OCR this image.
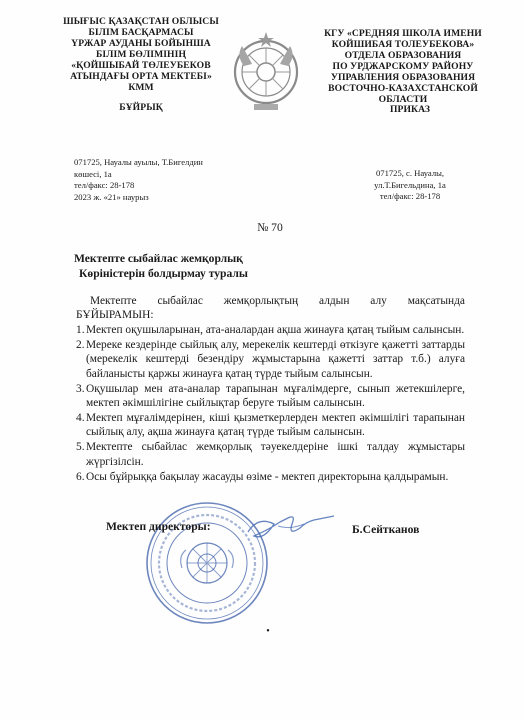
ШЫҒЫС ҚАЗАҚСТАН ОБЛЫСЫ
БІЛІМ БАСҚАРМАСЫ
ҮРЖАР АУДАНЫ БОЙЫНША
БІЛІМ БӨЛІМІНІҢ
«ҚОЙШЫБАЙ ТӨЛЕУБЕКОВ
АТЫНДАҒЫ ОРТА МЕКТЕБІ»
КММ
БҰЙРЫҚ
КГУ «СРЕДНЯЯ ШКОЛА ИМЕНИ
КОЙШИБАЯ ТОЛЕУБЕКОВА»
ОТДЕЛА ОБРАЗОВАНИЯ
ПО УРДЖАРСКОМУ РАЙОНУ
УПРАВЛЕНИЯ ОБРАЗОВАНИЯ
ВОСТОЧНО-КАЗАХСТАНСКОЙ
ОБЛАСТИ
ПРИКАЗ
071725, Науалы ауылы, Т.Бигелдин
көшесі, 1а
тел/факс: 28-178
2023 ж. «21» наурыз
071725, с. Науалы,
ул.Т.Бигельдина, 1а
тел/факс: 28-178
№ 70
Мектепте сыбайлас жемқорлық
Көріністерін болдырмау туралы
Мектепте сыбайлас жемқорлықтың алдын алу мақсатында
БҰЙЫРАМЫН:
1. Мектеп оқушыларынан, ата-аналардан ақша жинауға қатаң тыйым салынсын.
2. Мереке кездерінде сыйлық алу, мерекелік кештерді өткізуге қажетті заттарды (мерекелік кештерді безендіру жұмыстарына қажетті заттар т.б.) алуға байланысты қаржы жинауға қатаң түрде тыйым салынсын.
3. Оқушылар мен ата-аналар тарапынан мұғалімдерге, сынып жетекшілерге, мектеп әкімшілігіне сыйлықтар беруге тыйым салынсын.
4. Мектеп мұғалімдерінен, кіші қызметкерлерден мектеп әкімшілігі тарапынан сыйлық алу, ақша жинауға қатаң түрде тыйым салынсын.
5. Мектепте сыбайлас жемқорлық тәуекелдеріне ішкі талдау жұмыстары жүргізілсін.
6. Осы бұйрыққа бақылау жасауды өзіме - мектеп директорына қалдырамын.
Мектеп директоры:	Б.Сейтканов
•
